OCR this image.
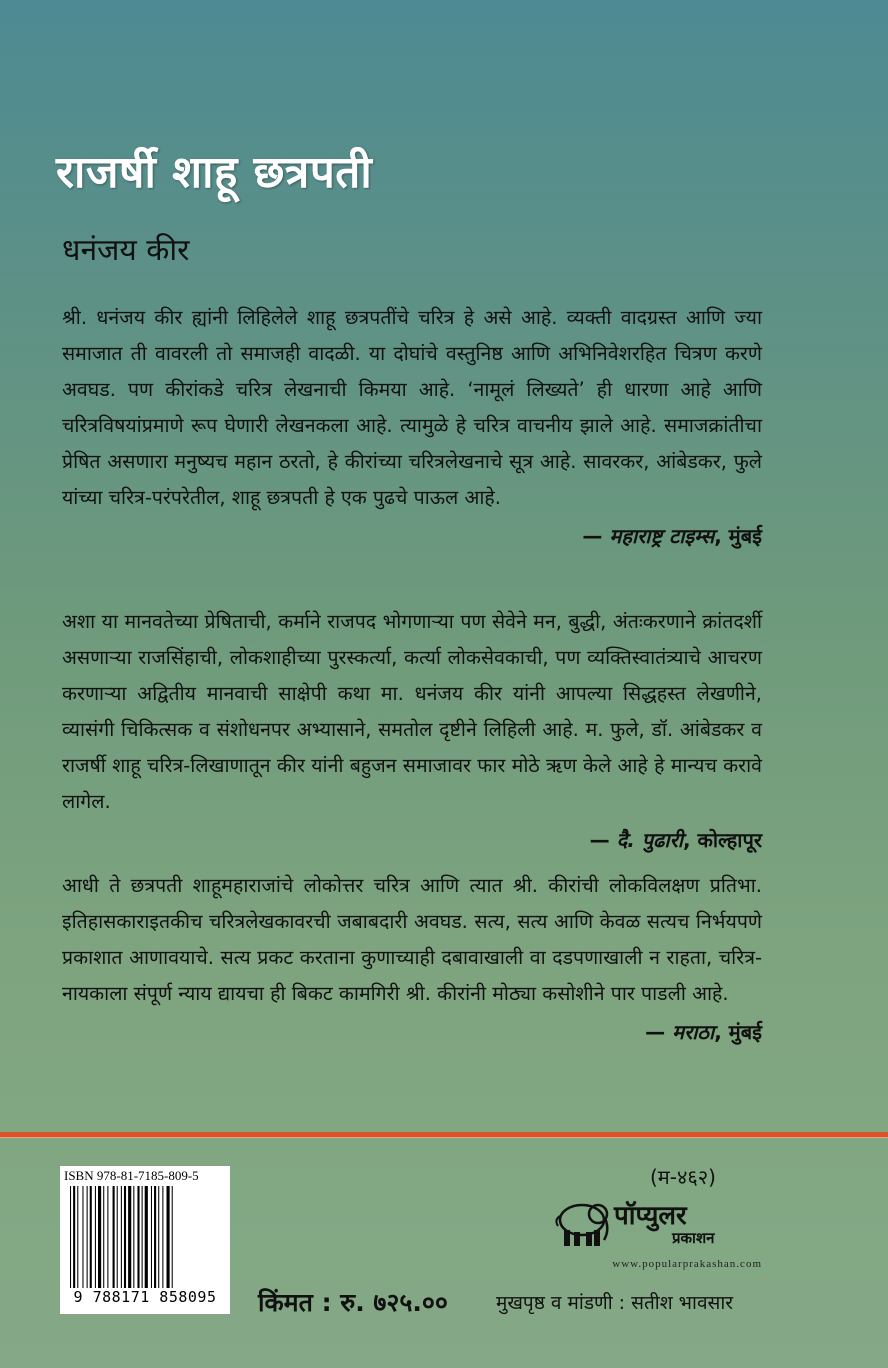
राजर्षी शाहू छत्रपती
धनंजय कीर

श्री. धनंजय कीर ह्यांनी लिहिलेले शाहू छत्रपतींचे चरित्र हे असे आहे. व्यक्ती वादग्रस्त आणि ज्या समाजात ती वावरली तो समाजही वादळी. या दोघांचे वस्तुनिष्ठ आणि अभिनिवेशरहित चित्रण करणे अवघड. पण कीरांकडे चरित्र लेखनाची किमया आहे. ‘नामूलं लिख्यते’ ही धारणा आहे आणि चरित्रविषयांप्रमाणे रूप घेणारी लेखनकला आहे. त्यामुळे हे चरित्र वाचनीय झाले आहे. समाजक्रांतीचा प्रेषित असणारा मनुष्यच महान ठरतो, हे कीरांच्या चरित्रलेखनाचे सूत्र आहे. सावरकर, आंबेडकर, फुले यांच्या चरित्र-परंपरेतील, शाहू छत्रपती हे एक पुढचे पाऊल आहे.

— महाराष्ट्र टाइम्स, मुंबई

अशा या मानवतेच्या प्रेषिताची, कर्माने राजपद भोगणाऱ्या पण सेवेने मन, बुद्धी, अंतःकरणाने क्रांतदर्शी असणाऱ्या राजसिंहाची, लोकशाहीच्या पुरस्कर्त्या, कर्त्या लोकसेवकाची, पण व्यक्तिस्वातंत्र्याचे आचरण करणाऱ्या अद्वितीय मानवाची साक्षेपी कथा मा. धनंजय कीर यांनी आपल्या सिद्धहस्त लेखणीने, व्यासंगी चिकित्सक व संशोधनपर अभ्यासाने, समतोल दृष्टीने लिहिली आहे. म. फुले, डॉ. आंबेडकर व राजर्षी शाहू चरित्र-लिखाणातून कीर यांनी बहुजन समाजावर फार मोठे ऋण केले आहे हे मान्यच करावे लागेल.

— दै. पुढारी, कोल्हापूर

आधी ते छत्रपती शाहूमहाराजांचे लोकोत्तर चरित्र आणि त्यात श्री. कीरांची लोकविलक्षण प्रतिभा. इतिहासकाराइतकीच चरित्रलेखकावरची जबाबदारी अवघड. सत्य, सत्य आणि केवळ सत्यच निर्भयपणे प्रकाशात आणावयाचे. सत्य प्रकट करताना कुणाच्याही दबावाखाली वा दडपणाखाली न राहता, चरित्र-नायकाला संपूर्ण न्याय द्यायचा ही बिकट कामगिरी श्री. कीरांनी मोठ्या कसोशीने पार पाडली आहे.

— मराठा, मुंबई
ISBN 978-81-7185-809-5
9 788171 858095	किंमत : रु. ७२५.००
(म-४६२)
पॉप्युलर
प्रकाशन
www.popularprakashan.com
मुखपृष्ठ व मांडणी : सतीश भावसार
